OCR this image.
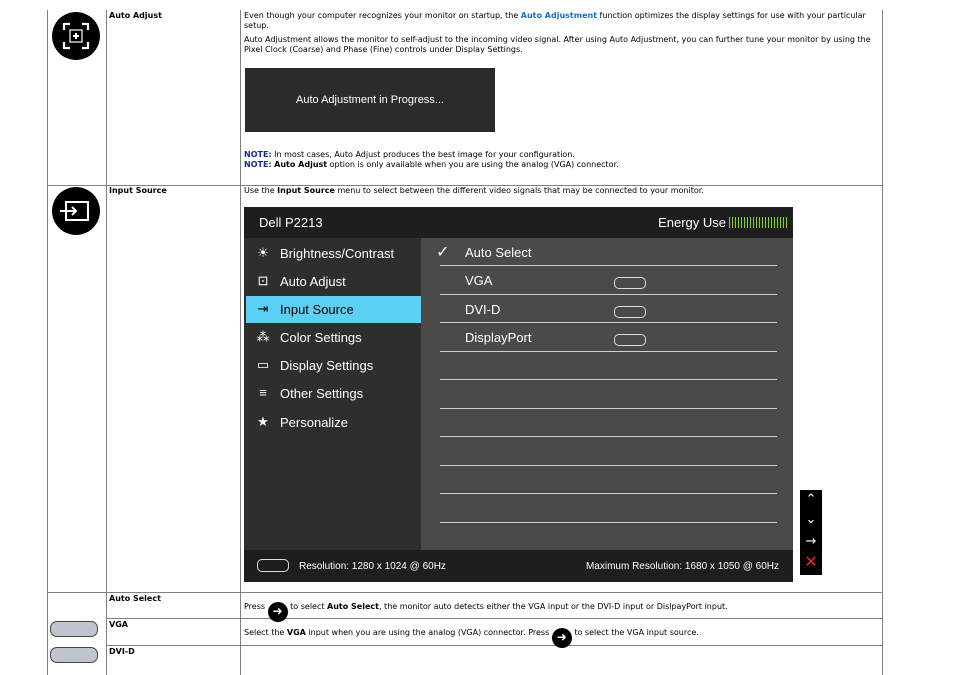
Auto Adjust	Even though your computer recognizes your monitor on startup, the Auto Adjustment function optimizes the display settings for use with your particular setup.

Auto Adjustment allows the monitor to self-adjust to the incoming video signal. After using Auto Adjustment, you can further tune your monitor by using the Pixel Clock (Coarse) and Phase (Fine) controls under Display Settings.

Auto Adjustment in Progress...
NOTE: In most cases, Auto Adjust produces the best image for your configuration.
NOTE: Auto Adjust option is only available when you are using the analog (VGA) connector.
Input Source	Use the Input Source menu to select between the different video signals that may be connected to your monitor.
Dell P2213	Energy Use
☀ Brightness/Contrast
⊡ Auto Adjust
⇥ Input Source
⁂ Color Settings
▭ Display Settings
≡	Other Settings
★ Personalize
✓ Auto Select
VGA
DVI-D
DisplayPort
Resolution: 1280 x 1024 @ 60Hz	Maximum Resolution: 1680 x 1050 @ 60Hz
⌃
⌄
→
✕
Auto Select
Press ➜ to select Auto Select, the monitor auto detects either the VGA input or the DVI-D input or DislpayPort input.
VGA
Select the VGA input when you are using the analog (VGA) connector. Press ➜ to select the VGA input source.
DVI-D
